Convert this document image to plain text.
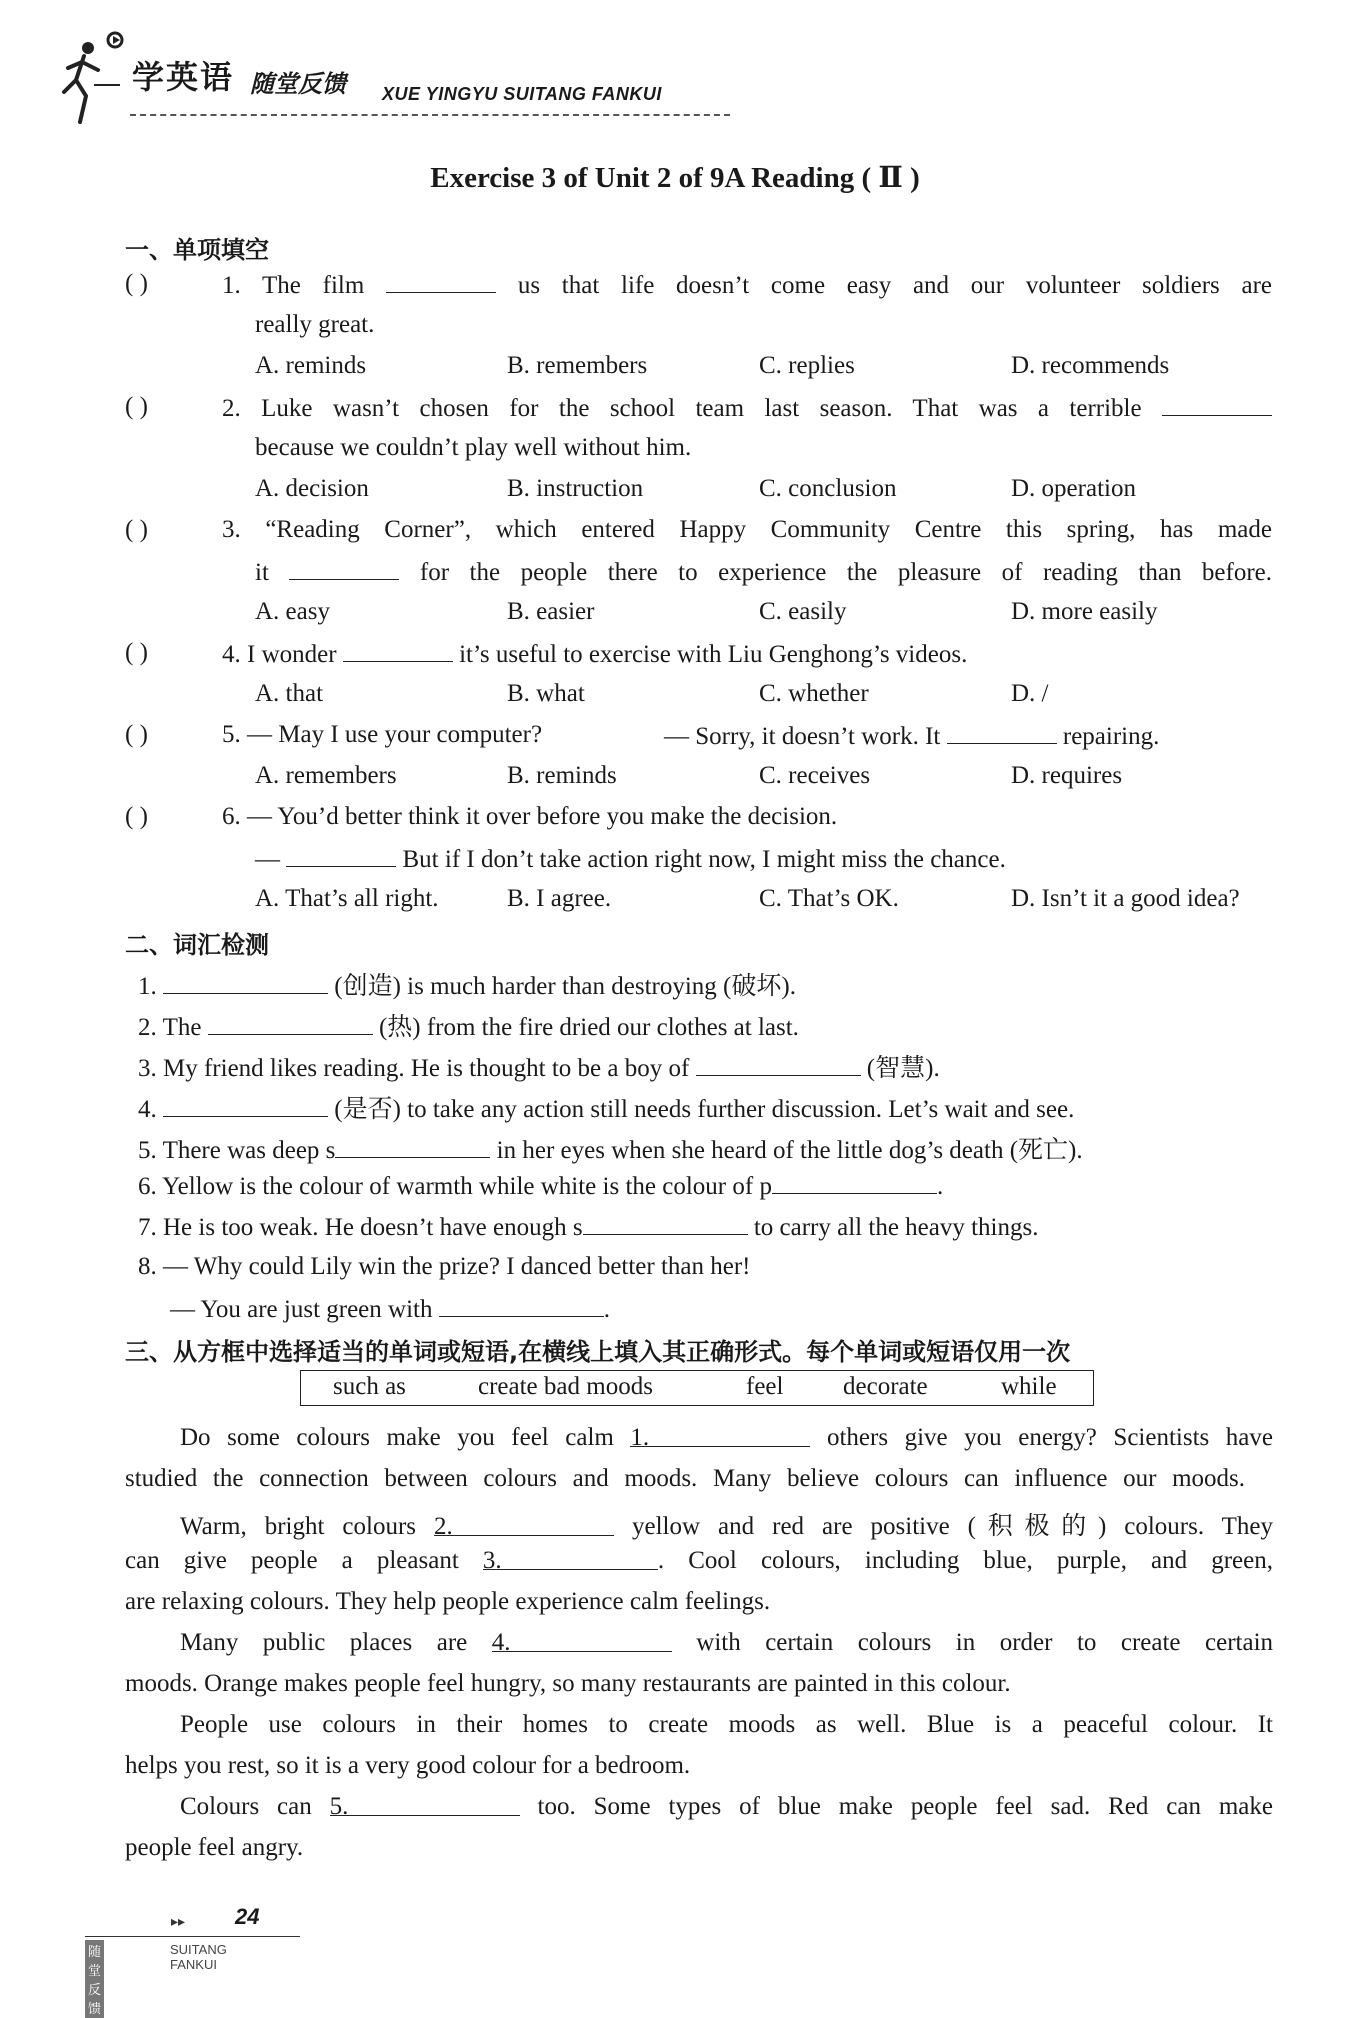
学英语 随堂反馈 XUE YINGYU SUITANG FANKUI
Exercise 3 of Unit 2 of 9A Reading ( Ⅱ )
一、单项填空
( )	1. The film	us that life doesn’t come easy and our volunteer soldiers are
really great.
A. reminds	B. remembers	C. replies	D. recommends
( )	2. Luke wasn’t chosen for the school team last season. That was a terrible
because we couldn’t play well without him.
A. decision	B. instruction	C. conclusion	D. operation
( )	3. “Reading Corner”, which entered Happy Community Centre this spring, has made
it	for the people there to experience the pleasure of reading than before.
A. easy	B. easier	C. easily	D. more easily
( )	4. I wonder	it’s useful to exercise with Liu Genghong’s videos.
A. that	B. what	C. whether	D. /
( )	5. — May I use your computer?	— Sorry, it doesn’t work. It	repairing.
A. remembers	B. reminds	C. receives	D. requires
( )	6. — You’d better think it over before you make the decision.
—	But if I don’t take action right now, I might miss the chance.
A. That’s all right.	B. I agree.	C. That’s OK.	D. Isn’t it a good idea?
二、词汇检测
1.	(创造) is much harder than destroying (破坏).
2. The	(热) from the fire dried our clothes at last.
3. My friend likes reading. He is thought to be a boy of	(智慧).
4.	(是否) to take any action still needs further discussion. Let’s wait and see.
5. There was deep s	in her eyes when she heard of the little dog’s death (死亡).
6. Yellow is the colour of warmth while white is the colour of p	.
7. He is too weak. He doesn’t have enough s	to carry all the heavy things.
8. — Why could Lily win the prize? I danced better than her!
— You are just green with	.
三、从方框中选择适当的单词或短语,在横线上填入其正确形式。每个单词或短语仅用一次
such as	create bad moods	feel decorate	while
Do some colours make you feel calm 1.	others give you energy? Scientists have
studied the connection between colours and moods. Many believe colours can influence our moods.
Warm, bright colours 2.	yellow and red are positive (积极的) colours. They
can give people a pleasant 3.	. Cool colours, including blue, purple, and green,
are relaxing colours. They help people experience calm feelings.
Many public places are 4.	with certain colours in order to create certain
moods. Orange makes people feel hungry, so many restaurants are painted in this colour.
People use colours in their homes to create moods as well. Blue is a peaceful colour. It
helps you rest, so it is a very good colour for a bedroom.
Colours can 5.	too. Some types of blue make people feel sad. Red can make
people feel angry.
▸▸ 24
随堂反馈
SUITANG FANKUI
